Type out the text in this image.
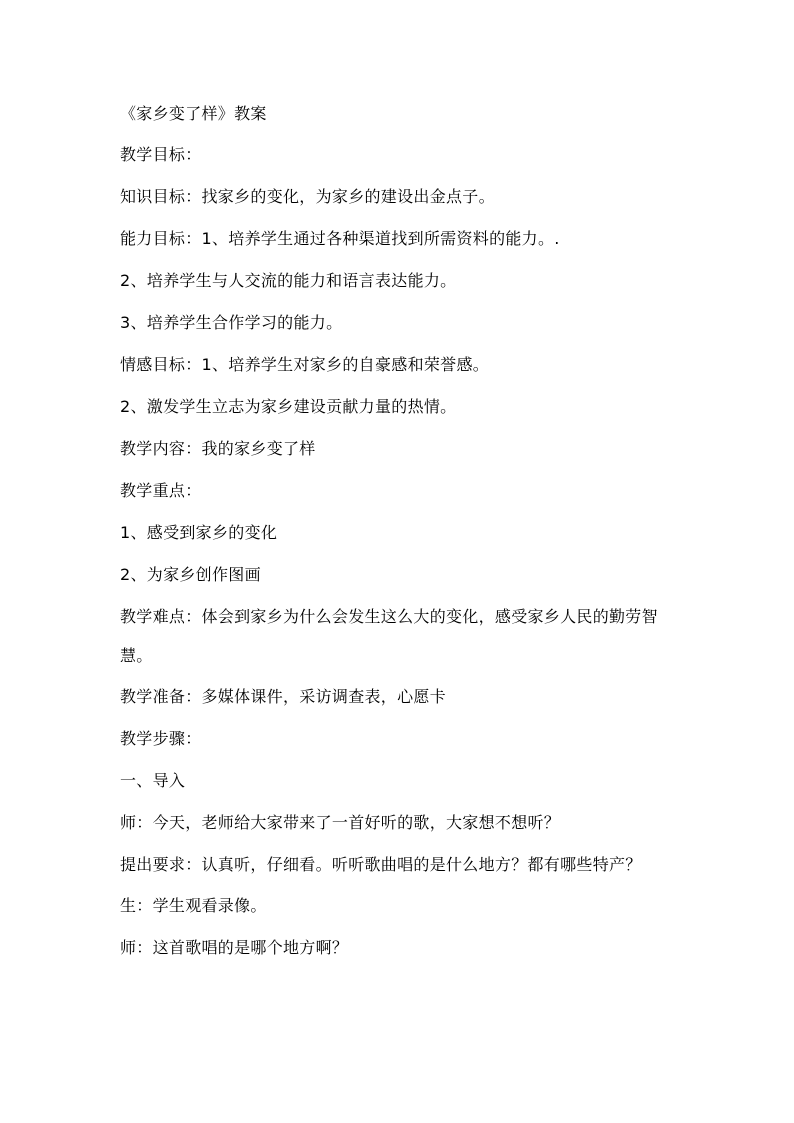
《家乡变了样》教案

教学目标：

知识目标：找家乡的变化，为家乡的建设出金点子。

能力目标：1、培养学生通过各种渠道找到所需资料的能力。.

2、培养学生与人交流的能力和语言表达能力。

3、培养学生合作学习的能力。

情感目标：1、培养学生对家乡的自豪感和荣誉感。

2、激发学生立志为家乡建设贡献力量的热情。

教学内容：我的家乡变了样

教学重点：

1、感受到家乡的变化

2、为家乡创作图画

教学难点：体会到家乡为什么会发生这么大的变化，感受家乡人民的勤劳智慧。

教学准备：多媒体课件，采访调查表，心愿卡

教学步骤：

一、导入

师：今天，老师给大家带来了一首好听的歌，大家想不想听？

提出要求：认真听，仔细看。听听歌曲唱的是什么地方？都有哪些特产？

生：学生观看录像。

师：这首歌唱的是哪个地方啊？
